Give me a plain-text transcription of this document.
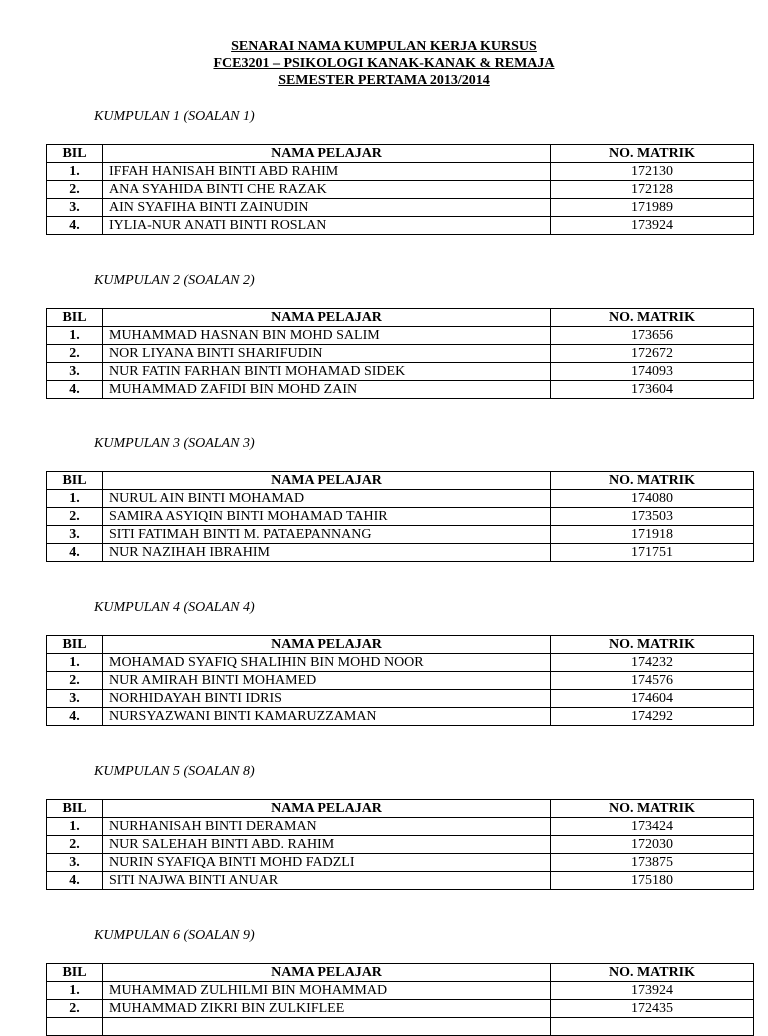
SENARAI NAMA KUMPULAN KERJA KURSUS
FCE3201 – PSIKOLOGI KANAK-KANAK & REMAJA
SEMESTER PERTAMA 2013/2014
KUMPULAN 1 (SOALAN 1)
BIL	NAMA PELAJAR	NO. MATRIK
1.	IFFAH HANISAH BINTI ABD RAHIM	172130
2.	ANA SYAHIDA BINTI CHE RAZAK	172128
3.	AIN SYAFIHA BINTI ZAINUDIN	171989
4.	IYLIA-NUR ANATI BINTI ROSLAN	173924
KUMPULAN 2 (SOALAN 2)
BIL	NAMA PELAJAR	NO. MATRIK
1.	MUHAMMAD HASNAN BIN MOHD SALIM	173656
2.	NOR LIYANA BINTI SHARIFUDIN	172672
3.	NUR FATIN FARHAN BINTI MOHAMAD SIDEK	174093
4.	MUHAMMAD ZAFIDI BIN MOHD ZAIN	173604
KUMPULAN 3 (SOALAN 3)
BIL	NAMA PELAJAR	NO. MATRIK
1.	NURUL AIN BINTI MOHAMAD	174080
2.	SAMIRA ASYIQIN BINTI MOHAMAD TAHIR	173503
3.	SITI FATIMAH BINTI M. PATAEPANNANG	171918
4.	NUR NAZIHAH IBRAHIM	171751
KUMPULAN 4 (SOALAN 4)
BIL	NAMA PELAJAR	NO. MATRIK
1.	MOHAMAD SYAFIQ SHALIHIN BIN MOHD NOOR	174232
2.	NUR AMIRAH BINTI MOHAMED	174576
3.	NORHIDAYAH BINTI IDRIS	174604
4.	NURSYAZWANI BINTI KAMARUZZAMAN	174292
KUMPULAN 5 (SOALAN 8)
BIL	NAMA PELAJAR	NO. MATRIK
1.	NURHANISAH BINTI DERAMAN	173424
2.	NUR SALEHAH BINTI ABD. RAHIM	172030
3.	NURIN SYAFIQA BINTI MOHD FADZLI	173875
4.	SITI NAJWA BINTI ANUAR	175180
KUMPULAN 6 (SOALAN 9)
BIL	NAMA PELAJAR	NO. MATRIK
1.	MUHAMMAD ZULHILMI BIN MOHAMMAD	173924
2.	MUHAMMAD ZIKRI BIN ZULKIFLEE	172435
